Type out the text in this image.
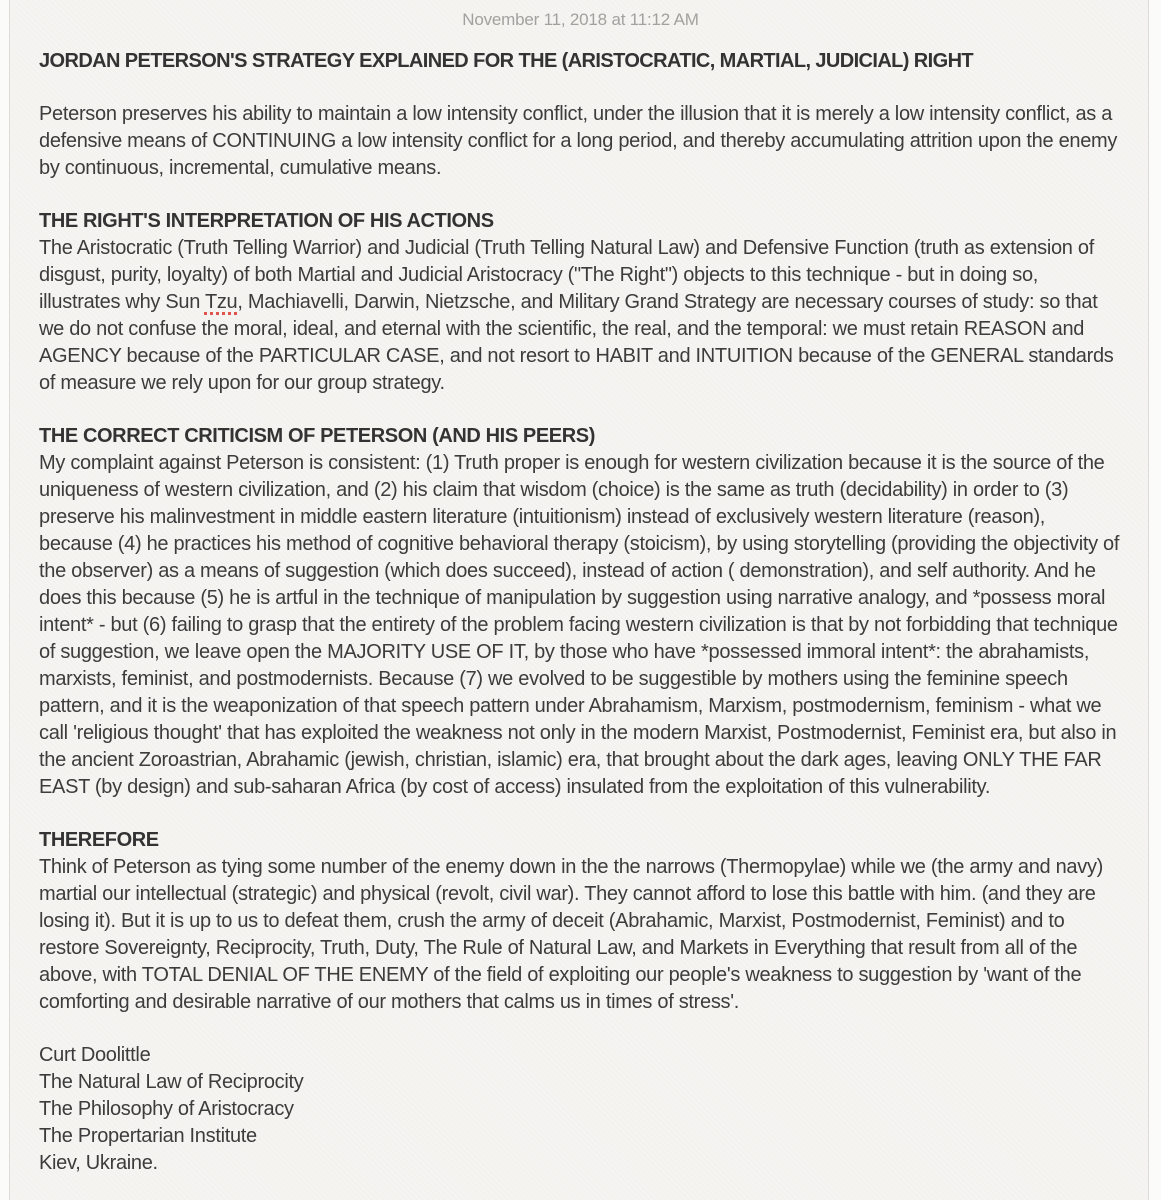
November 11, 2018 at 11:12 AM
JORDAN PETERSON'S STRATEGY EXPLAINED FOR THE (ARISTOCRATIC, MARTIAL, JUDICIAL) RIGHT

Peterson preserves his ability to maintain a low intensity conflict, under the illusion that it is merely a low intensity conflict, as a defensive means of CONTINUING a low intensity conflict for a long period, and thereby accumulating attrition upon the enemy by continuous, incremental, cumulative means.

THE RIGHT'S INTERPRETATION OF HIS ACTIONS

The Aristocratic (Truth Telling Warrior) and Judicial (Truth Telling Natural Law) and Defensive Function (truth as extension of disgust, purity, loyalty) of both Martial and Judicial Aristocracy ("The Right") objects to this technique - but in doing so, illustrates why Sun Tzu, Machiavelli, Darwin, Nietzsche, and Military Grand Strategy are necessary courses of study: so that we do not confuse the moral, ideal, and eternal with the scientific, the real, and the temporal: we must retain REASON and AGENCY because of the PARTICULAR CASE, and not resort to HABIT and INTUITION because of the GENERAL standards of measure we rely upon for our group strategy.

THE CORRECT CRITICISM OF PETERSON (AND HIS PEERS)

My complaint against Peterson is consistent: (1) Truth proper is enough for western civilization because it is the source of the uniqueness of western civilization, and (2) his claim that wisdom (choice) is the same as truth (decidability) in order to (3) preserve his malinvestment in middle eastern literature (intuitionism) instead of exclusively western literature (reason), because (4) he practices his method of cognitive behavioral therapy (stoicism), by using storytelling (providing the objectivity of the observer) as a means of suggestion (which does succeed), instead of action ( demonstration), and self authority. And he does this because (5) he is artful in the technique of manipulation by suggestion using narrative analogy, and *possess moral intent* - but (6) failing to grasp that the entirety of the problem facing western civilization is that by not forbidding that technique of suggestion, we leave open the MAJORITY USE OF IT, by those who have *possessed immoral intent*: the abrahamists, marxists, feminist, and postmodernists. Because (7) we evolved to be suggestible by mothers using the feminine speech pattern, and it is the weaponization of that speech pattern under Abrahamism, Marxism, postmodernism, feminism - what we call 'religious thought' that has exploited the weakness not only in the modern Marxist, Postmodernist, Feminist era, but also in the ancient Zoroastrian, Abrahamic (jewish, christian, islamic) era, that brought about the dark ages, leaving ONLY THE FAR EAST (by design) and sub-saharan Africa (by cost of access) insulated from the exploitation of this vulnerability.

THEREFORE

Think of Peterson as tying some number of the enemy down in the the narrows (Thermopylae) while we (the army and navy) martial our intellectual (strategic) and physical (revolt, civil war). They cannot afford to lose this battle with him. (and they are losing it). But it is up to us to defeat them, crush the army of deceit (Abrahamic, Marxist, Postmodernist, Feminist) and to restore Sovereignty, Reciprocity, Truth, Duty, The Rule of Natural Law, and Markets in Everything that result from all of the above, with TOTAL DENIAL OF THE ENEMY of the field of exploiting our people's weakness to suggestion by 'want of the comforting and desirable narrative of our mothers that calms us in times of stress'.

Curt Doolittle
The Natural Law of Reciprocity
The Philosophy of Aristocracy
The Propertarian Institute
Kiev, Ukraine.
